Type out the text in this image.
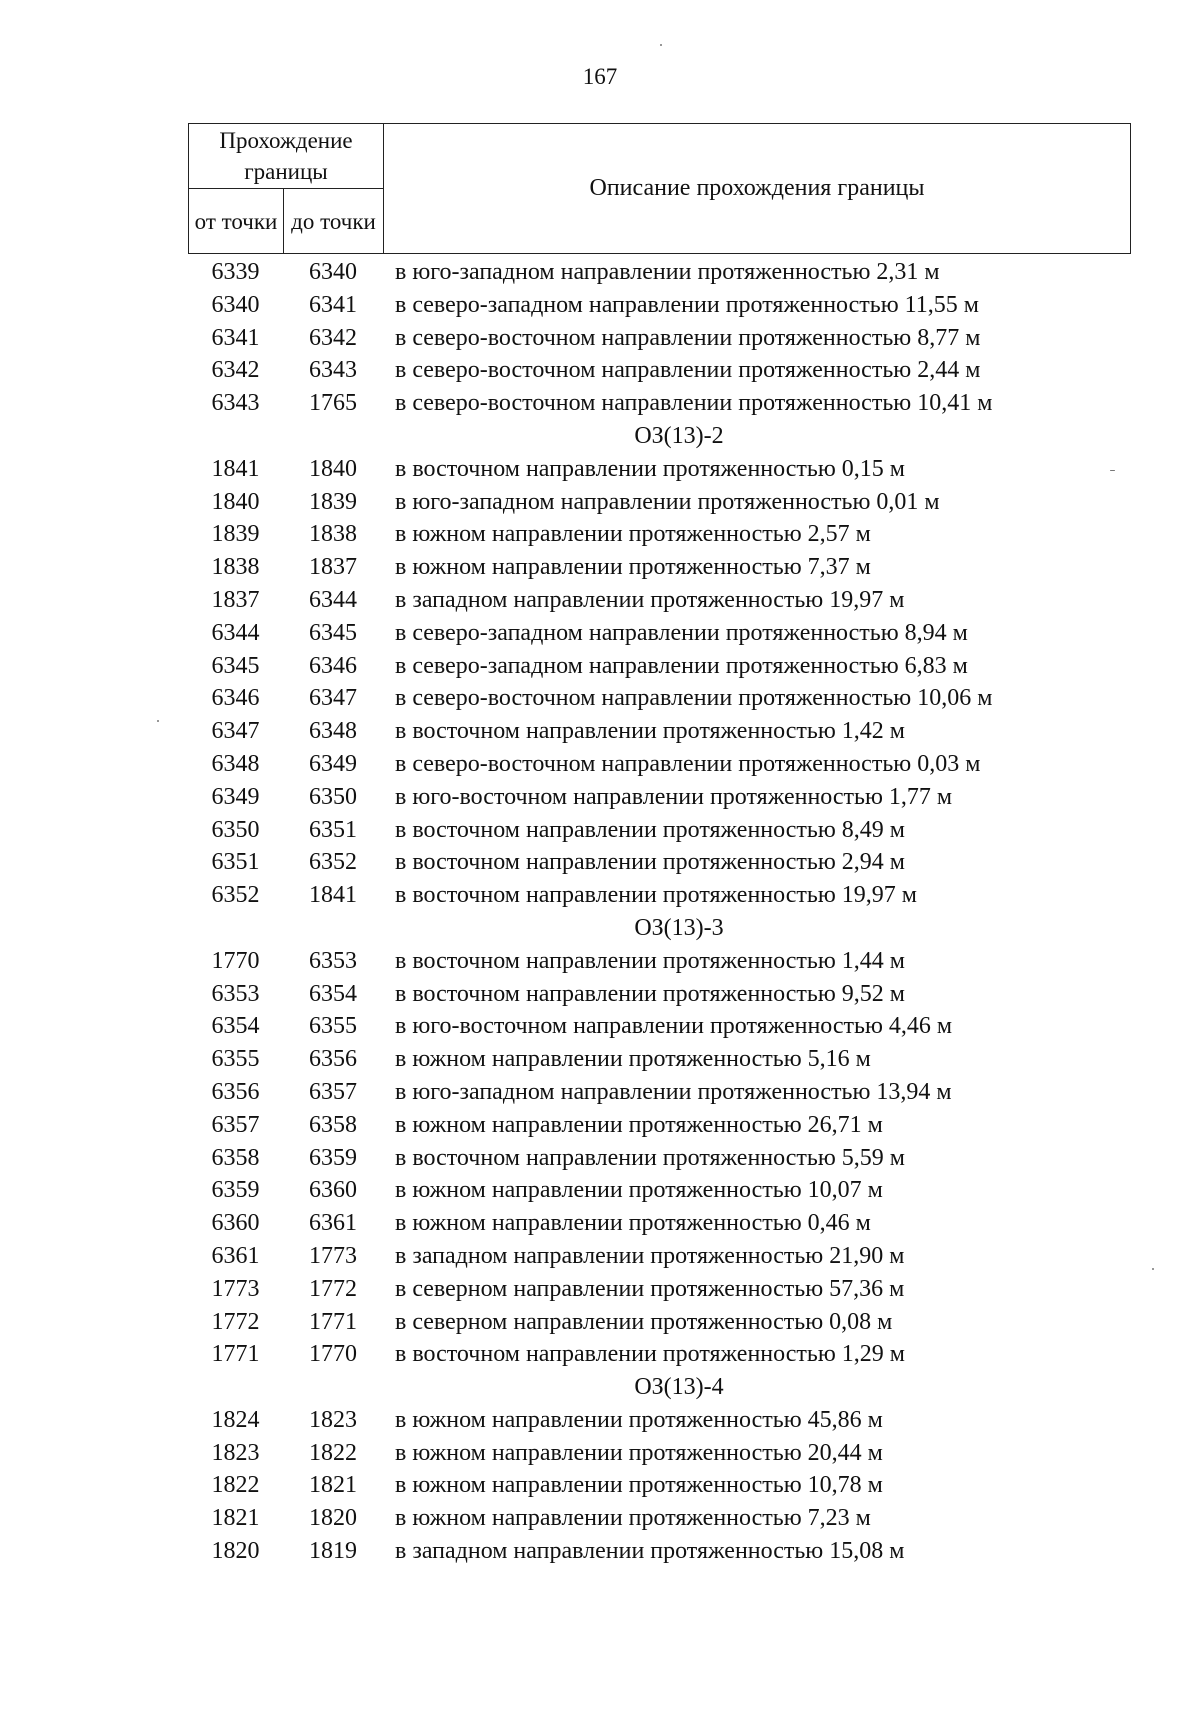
167
Прохождение границы		Описание прохождения границы
от точки	до точки	
6339 6340 в юго-западном направлении протяженностью 2,31 м
6340 6341 в северо-западном направлении протяженностью 11,55 м
6341 6342 в северо-восточном направлении протяженностью 8,77 м
6342 6343 в северо-восточном направлении протяженностью 2,44 м
6343 1765 в северо-восточном направлении протяженностью 10,41 м
ОЗ(13)-2
1841 1840 в восточном направлении протяженностью 0,15 м
1840 1839 в юго-западном направлении протяженностью 0,01 м
1839 1838 в южном направлении протяженностью 2,57 м
1838 1837 в южном направлении протяженностью 7,37 м
1837 6344 в западном направлении протяженностью 19,97 м
6344 6345 в северо-западном направлении протяженностью 8,94 м
6345 6346 в северо-западном направлении протяженностью 6,83 м
6346 6347 в северо-восточном направлении протяженностью 10,06 м
6347 6348 в восточном направлении протяженностью 1,42 м
6348 6349 в северо-восточном направлении протяженностью 0,03 м
6349 6350 в юго-восточном направлении протяженностью 1,77 м
6350 6351 в восточном направлении протяженностью 8,49 м
6351 6352 в восточном направлении протяженностью 2,94 м
6352 1841 в восточном направлении протяженностью 19,97 м
ОЗ(13)-3
1770 6353 в восточном направлении протяженностью 1,44 м
6353 6354 в восточном направлении протяженностью 9,52 м
6354 6355 в юго-восточном направлении протяженностью 4,46 м
6355 6356 в южном направлении протяженностью 5,16 м
6356 6357 в юго-западном направлении протяженностью 13,94 м
6357 6358 в южном направлении протяженностью 26,71 м
6358 6359 в восточном направлении протяженностью 5,59 м
6359 6360 в южном направлении протяженностью 10,07 м
6360 6361 в южном направлении протяженностью 0,46 м
6361 1773 в западном направлении протяженностью 21,90 м
1773 1772 в северном направлении протяженностью 57,36 м
1772 1771 в северном направлении протяженностью 0,08 м
1771 1770 в восточном направлении протяженностью 1,29 м
ОЗ(13)-4
1824 1823 в южном направлении протяженностью 45,86 м
1823 1822 в южном направлении протяженностью 20,44 м
1822 1821 в южном направлении протяженностью 10,78 м
1821 1820 в южном направлении протяженностью 7,23 м
1820 1819 в западном направлении протяженностью 15,08 м
